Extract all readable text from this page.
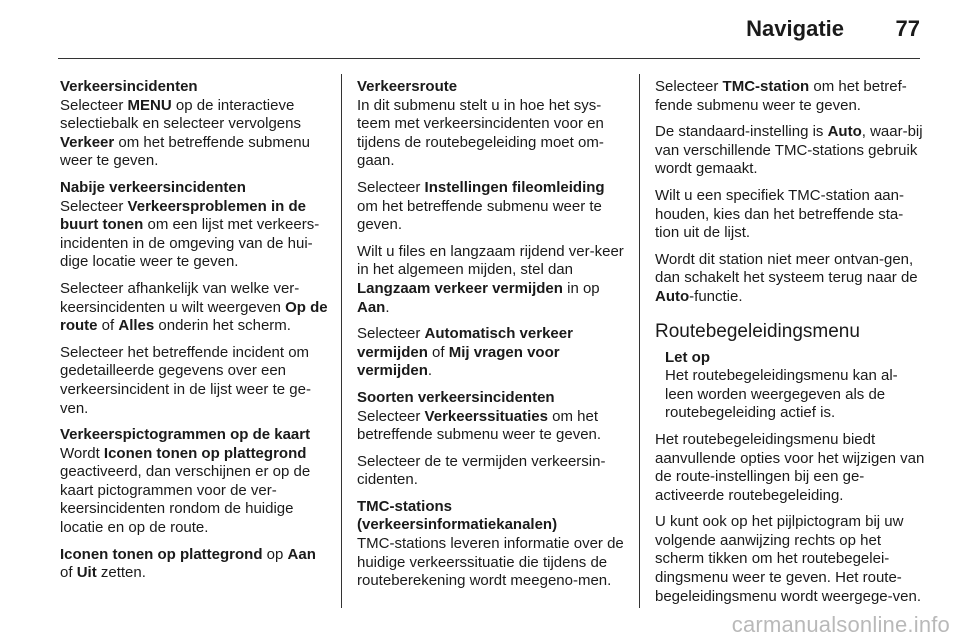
Navigatie 77

Verkeersincidenten

Selecteer MENU op de interactieve selectiebalk en selecteer vervolgens Verkeer om het betreffende submenu weer te geven.

Nabije verkeersincidenten

Selecteer Verkeersproblemen in de buurt tonen om een lijst met verkeers-incidenten in de omgeving van de hui-dige locatie weer te geven.

Selecteer afhankelijk van welke ver-keersincidenten u wilt weergeven Op de route of Alles onderin het scherm.

Selecteer het betreffende incident om gedetailleerde gegevens over een verkeersincident in de lijst weer te ge-ven.

Verkeerspictogrammen op de kaart

Wordt Iconen tonen op plattegrond geactiveerd, dan verschijnen er op de kaart pictogrammen voor de ver-keersincidenten rondom de huidige locatie en op de route.

Iconen tonen op plattegrond op Aan of Uit zetten.

Verkeersroute

In dit submenu stelt u in hoe het sys-teem met verkeersincidenten voor en tijdens de routebegeleiding moet om-gaan.

Selecteer Instellingen fileomleiding om het betreffende submenu weer te geven.

Wilt u files en langzaam rijdend ver-keer in het algemeen mijden, stel dan Langzaam verkeer vermijden in op Aan.

Selecteer Automatisch verkeer vermijden of Mij vragen voor vermijden.

Soorten verkeersincidenten

Selecteer Verkeerssituaties om het betreffende submenu weer te geven.

Selecteer de te vermijden verkeersin-cidenten.

TMC-stations (verkeersinformatiekanalen)

TMC-stations leveren informatie over de huidige verkeerssituatie die tijdens de routeberekening wordt meegeno-men.

Selecteer TMC-station om het betref-fende submenu weer te geven.

De standaard-instelling is Auto, waar-bij van verschillende TMC-stations gebruik wordt gemaakt.

Wilt u een specifiek TMC-station aan-houden, kies dan het betreffende sta-tion uit de lijst.

Wordt dit station niet meer ontvan-gen, dan schakelt het systeem terug naar de Auto-functie.

Routebegeleidingsmenu
Let op
Het routebegeleidingsmenu kan al-leen worden weergegeven als de routebegeleiding actief is.

Het routebegeleidingsmenu biedt aanvullende opties voor het wijzigen van de route-instellingen bij een ge-activeerde routebegeleiding.

U kunt ook op het pijlpictogram bij uw volgende aanwijzing rechts op het scherm tikken om het routebegelei-dingsmenu weer te geven. Het route-begeleidingsmenu wordt weergege-ven.

carmanualsonline.info
